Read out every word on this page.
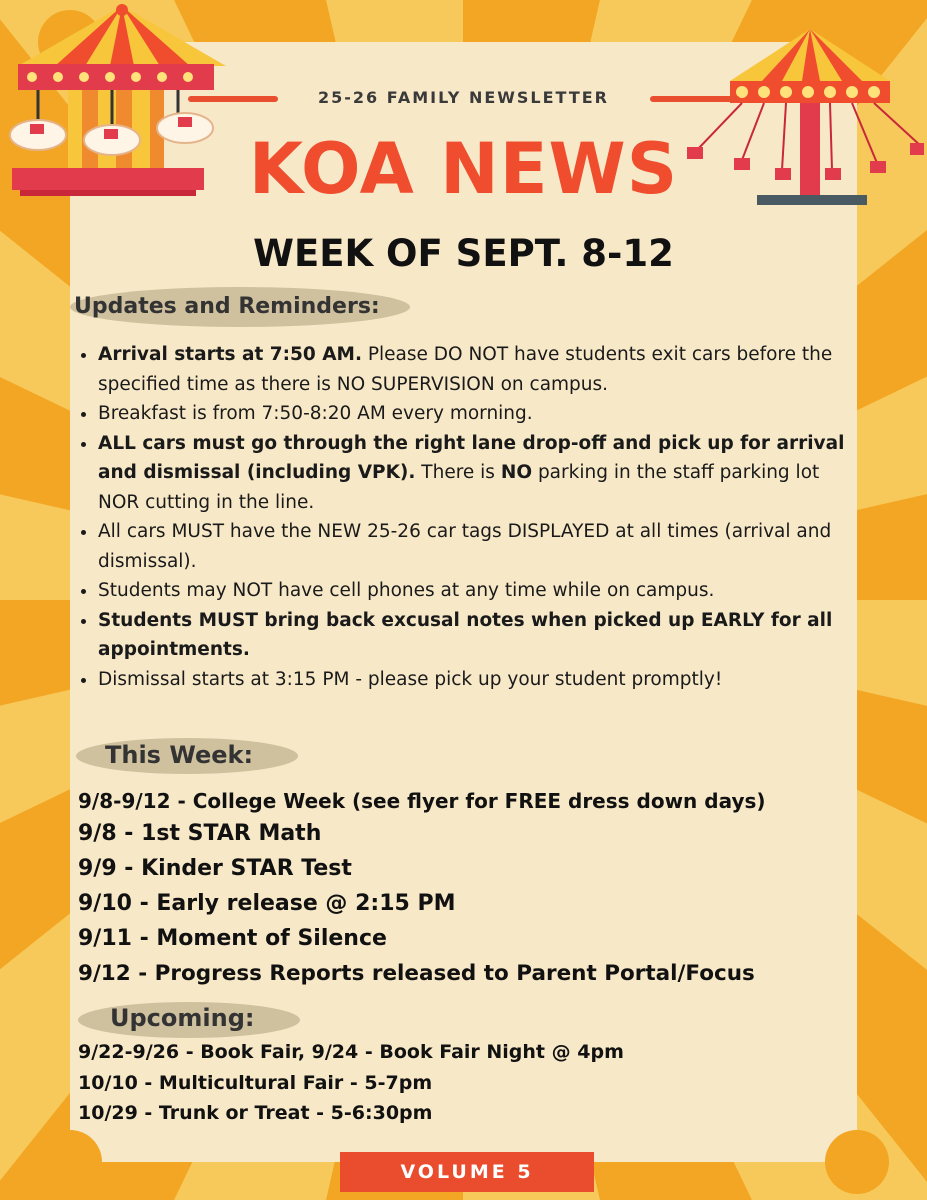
25-26 FAMILY NEWSLETTER
KOA NEWS
WEEK OF SEPT. 8-12
Updates and Reminders:
• Arrival starts at 7:50 AM. Please DO NOT have students exit cars before the specified time as there is NO SUPERVISION on campus.
• Breakfast is from 7:50-8:20 AM every morning.
• ALL cars must go through the right lane drop-off and pick up for arrival and dismissal (including VPK). There is NO parking in the staff parking lot NOR cutting in the line.
• All cars MUST have the NEW 25-26 car tags DISPLAYED at all times (arrival and dismissal).
• Students may NOT have cell phones at any time while on campus.
• Students MUST bring back excusal notes when picked up EARLY for all appointments.
• Dismissal starts at 3:15 PM - please pick up your student promptly!
This Week:
9/8-9/12 - College Week (see flyer for FREE dress down days)
9/8 - 1st STAR Math
9/9 - Kinder STAR Test
9/10 - Early release @ 2:15 PM
9/11 - Moment of Silence
9/12 - Progress Reports released to Parent Portal/Focus
Upcoming:
9/22-9/26 - Book Fair, 9/24 - Book Fair Night @ 4pm
10/10 - Multicultural Fair - 5-7pm
10/29 - Trunk or Treat - 5-6:30pm
VOLUME 5
